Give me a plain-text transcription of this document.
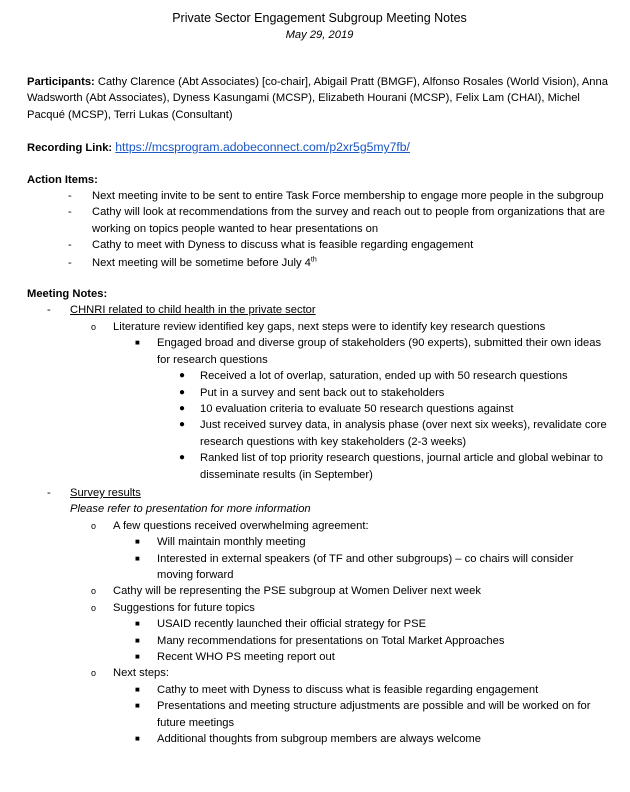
Private Sector Engagement Subgroup Meeting Notes
May 29, 2019
Participants: Cathy Clarence (Abt Associates) [co-chair], Abigail Pratt (BMGF), Alfonso Rosales (World Vision), Anna Wadsworth (Abt Associates), Dyness Kasungami (MCSP), Elizabeth Hourani (MCSP), Felix Lam (CHAI), Michel Pacqué (MCSP), Terri Lukas (Consultant)
Recording Link: https://mcsprogram.adobeconnect.com/p2xr5g5my7fb/
Action Items:
- Next meeting invite to be sent to entire Task Force membership to engage more people in the subgroup
- Cathy will look at recommendations from the survey and reach out to people from organizations that are working on topics people wanted to hear presentations on
- Cathy to meet with Dyness to discuss what is feasible regarding engagement
- Next meeting will be sometime before July 4th
Meeting Notes:
- CHNRI related to child health in the private sector
o Literature review identified key gaps, next steps were to identify key research questions
■ Engaged broad and diverse group of stakeholders (90 experts), submitted their own ideas for research questions
● Received a lot of overlap, saturation, ended up with 50 research questions
● Put in a survey and sent back out to stakeholders
● 10 evaluation criteria to evaluate 50 research questions against
● Just received survey data, in analysis phase (over next six weeks), revalidate core research questions with key stakeholders (2-3 weeks)
● Ranked list of top priority research questions, journal article and global webinar to disseminate results (in September)
- Survey results
Please refer to presentation for more information
o A few questions received overwhelming agreement:
■ Will maintain monthly meeting
■ Interested in external speakers (of TF and other subgroups) – co chairs will consider moving forward
o Cathy will be representing the PSE subgroup at Women Deliver next week
o Suggestions for future topics
■ USAID recently launched their official strategy for PSE
■ Many recommendations for presentations on Total Market Approaches
■ Recent WHO PS meeting report out
o Next steps:
■ Cathy to meet with Dyness to discuss what is feasible regarding engagement
■ Presentations and meeting structure adjustments are possible and will be worked on for future meetings
■ Additional thoughts from subgroup members are always welcome
